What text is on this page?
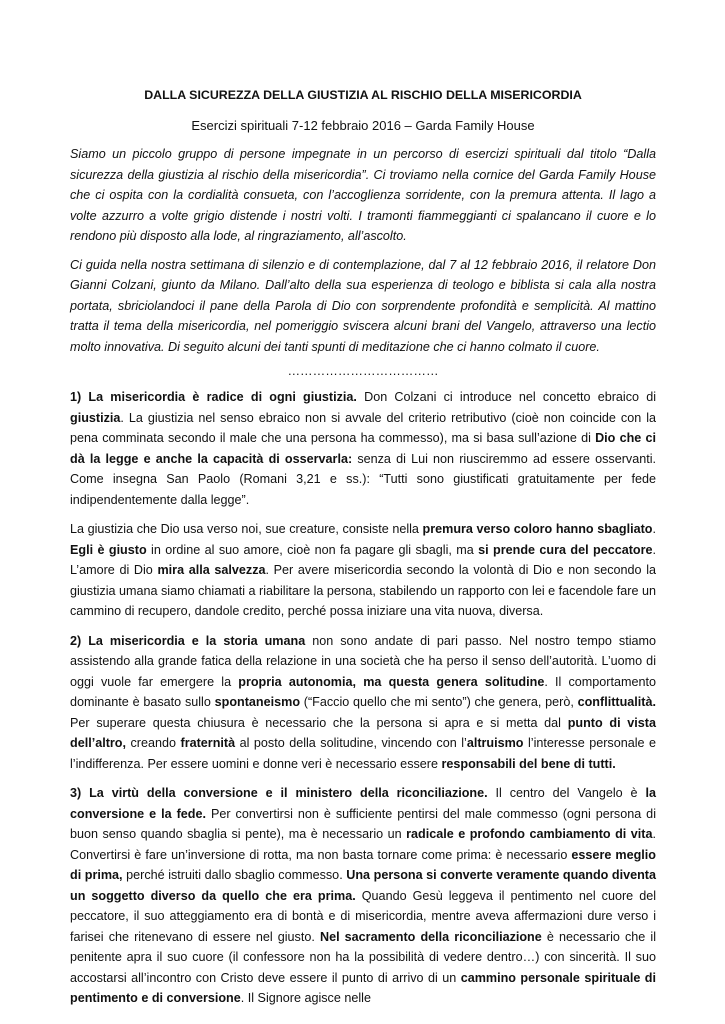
DALLA SICUREZZA DELLA GIUSTIZIA AL RISCHIO DELLA MISERICORDIA
Esercizi spirituali 7-12 febbraio 2016 – Garda Family House

Siamo un piccolo gruppo di persone impegnate in un percorso di esercizi spirituali dal titolo “Dalla sicurezza della giustizia al rischio della misericordia”. Ci troviamo nella cornice del Garda Family House che ci ospita con la cordialità consueta, con l’accoglienza sorridente, con la premura attenta. Il lago a volte azzurro a volte grigio distende i nostri volti. I tramonti fiammeggianti ci spalancano il cuore e lo rendono più disposto alla lode, al ringraziamento, all’ascolto.

Ci guida nella nostra settimana di silenzio e di contemplazione, dal 7 al 12 febbraio 2016, il relatore Don Gianni Colzani, giunto da Milano. Dall’alto della sua esperienza di teologo e biblista si cala alla nostra portata, sbriciolandoci il pane della Parola di Dio con sorprendente profondità e semplicità. Al mattino tratta il tema della misericordia, nel pomeriggio sviscera alcuni brani del Vangelo, attraverso una lectio molto innovativa. Di seguito alcuni dei tanti spunti di meditazione che ci hanno colmato il cuore.

………………………………

1) La misericordia è radice di ogni giustizia. Don Colzani ci introduce nel concetto ebraico di giustizia. La giustizia nel senso ebraico non si avvale del criterio retributivo (cioè non coincide con la pena comminata secondo il male che una persona ha commesso), ma si basa sull’azione di Dio che ci dà la legge e anche la capacità di osservarla: senza di Lui non riusciremmo ad essere osservanti. Come insegna San Paolo (Romani 3,21 e ss.): “Tutti sono giustificati gratuitamente per fede indipendentemente dalla legge”.

La giustizia che Dio usa verso noi, sue creature, consiste nella premura verso coloro hanno sbagliato. Egli è giusto in ordine al suo amore, cioè non fa pagare gli sbagli, ma si prende cura del peccatore. L’amore di Dio mira alla salvezza. Per avere misericordia secondo la volontà di Dio e non secondo la giustizia umana siamo chiamati a riabilitare la persona, stabilendo un rapporto con lei e facendole fare un cammino di recupero, dandole credito, perché possa iniziare una vita nuova, diversa.

2) La misericordia e la storia umana non sono andate di pari passo. Nel nostro tempo stiamo assistendo alla grande fatica della relazione in una società che ha perso il senso dell’autorità. L’uomo di oggi vuole far emergere la propria autonomia, ma questa genera solitudine. Il comportamento dominante è basato sullo spontaneismo (“Faccio quello che mi sento”) che genera, però, conflittualità. Per superare questa chiusura è necessario che la persona si apra e si metta dal punto di vista dell’altro, creando fraternità al posto della solitudine, vincendo con l’altruismo l’interesse personale e l’indifferenza. Per essere uomini e donne veri è necessario essere responsabili del bene di tutti.

3) La virtù della conversione e il ministero della riconciliazione. Il centro del Vangelo è la conversione e la fede. Per convertirsi non è sufficiente pentirsi del male commesso (ogni persona di buon senso quando sbaglia si pente), ma è necessario un radicale e profondo cambiamento di vita. Convertirsi è fare un’inversione di rotta, ma non basta tornare come prima: è necessario essere meglio di prima, perché istruiti dallo sbaglio commesso. Una persona si converte veramente quando diventa un soggetto diverso da quello che era prima. Quando Gesù leggeva il pentimento nel cuore del peccatore, il suo atteggiamento era di bontà e di misericordia, mentre aveva affermazioni dure verso i farisei che ritenevano di essere nel giusto. Nel sacramento della riconciliazione è necessario che il penitente apra il suo cuore (il confessore non ha la possibilità di vedere dentro…) con sincerità. Il suo accostarsi all’incontro con Cristo deve essere il punto di arrivo di un cammino personale spirituale di pentimento e di conversione. Il Signore agisce nelle
